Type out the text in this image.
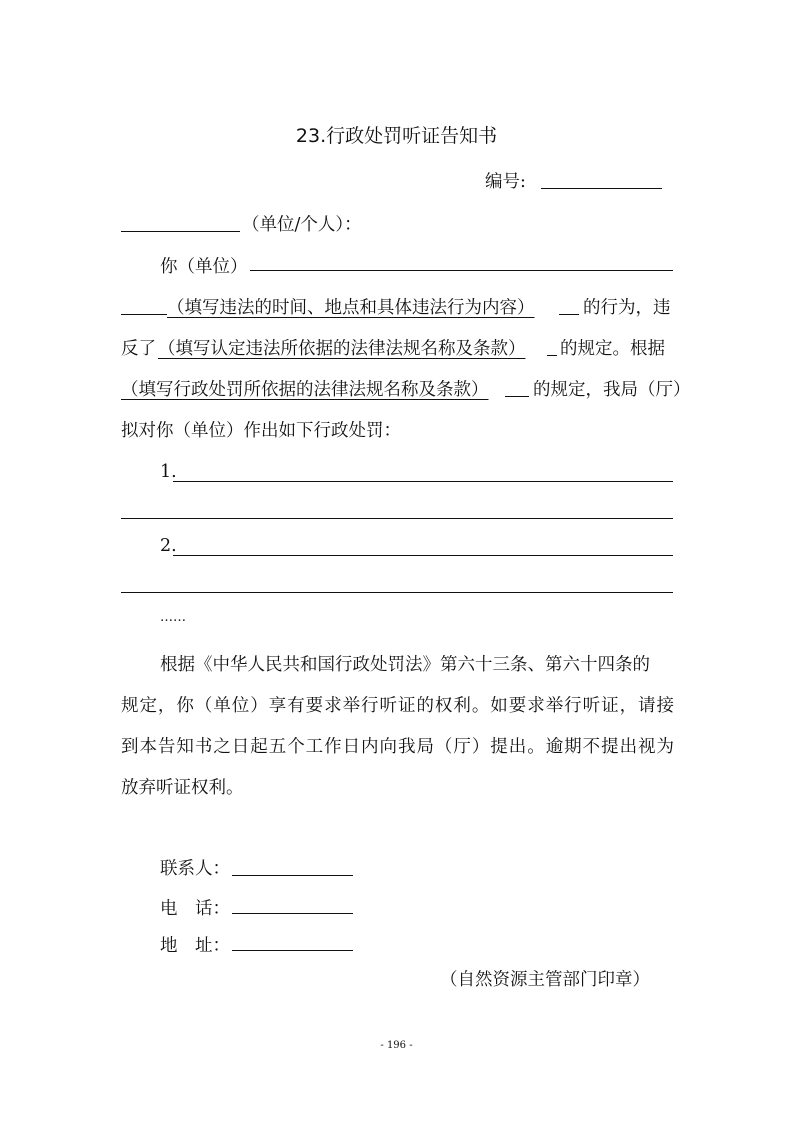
23.行政处罚听证告知书
编号:
（单位/个人）：
你（单位）
（填写违法的时间、地点和具体违法行为内容）	的行为，违
反了 （填写认定违法所依据的法律法规名称及条款） 的规定。根据
（填写行政处罚所依据的法律法规名称及条款）	的规定，我局（厅）
拟对你（单位）作出如下行政处罚：
1.
2.
……
根据《中华人民共和国行政处罚法》第六十三条、第六十四条的
规定，你（单位）享有要求举行听证的权利。如要求举行听证，请接
到本告知书之日起五个工作日内向我局（厅）提出。逾期不提出视为
放弃听证权利。
联系人：
电　话：
地　址：
（自然资源主管部门印章）
- 196 -
